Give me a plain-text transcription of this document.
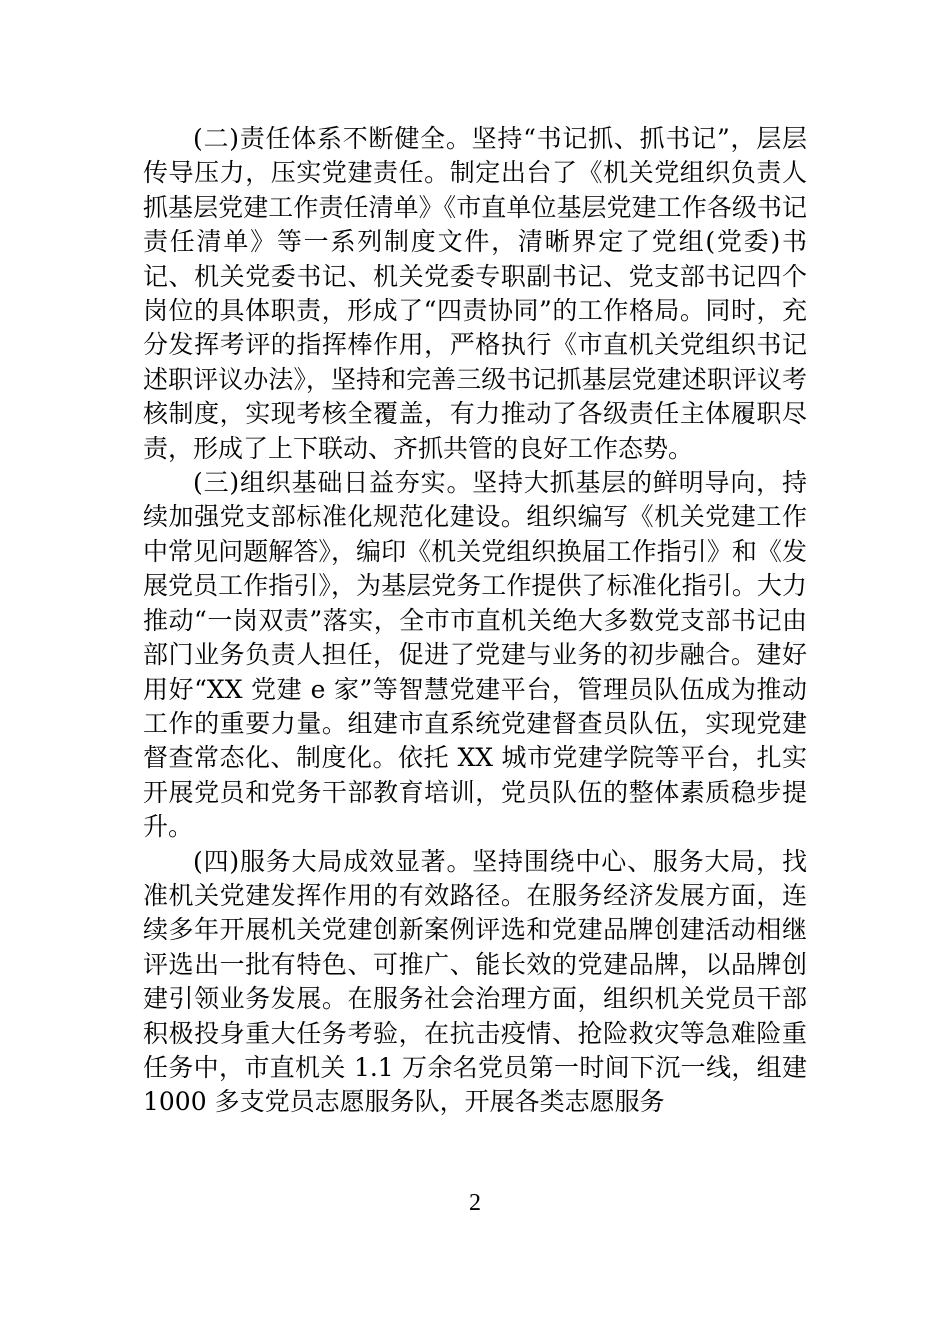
(二)责任体系不断健全。坚持“书记抓、抓书记”，层层传导压力，压实党建责任。制定出台了《机关党组织负责人抓基层党建工作责任清单》《市直单位基层党建工作各级书记责任清单》等一系列制度文件，清晰界定了党组(党委)书记、机关党委书记、机关党委专职副书记、党支部书记四个岗位的具体职责，形成了“四责协同”的工作格局。同时，充分发挥考评的指挥棒作用，严格执行《市直机关党组织书记述职评议办法》，坚持和完善三级书记抓基层党建述职评议考核制度，实现考核全覆盖，有力推动了各级责任主体履职尽责，形成了上下联动、齐抓共管的良好工作态势。

(三)组织基础日益夯实。坚持大抓基层的鲜明导向，持续加强党支部标准化规范化建设。组织编写《机关党建工作中常见问题解答》，编印《机关党组织换届工作指引》和《发展党员工作指引》，为基层党务工作提供了标准化指引。大力推动“一岗双责”落实，全市市直机关绝大多数党支部书记由部门业务负责人担任，促进了党建与业务的初步融合。建好用好“XX 党建 e 家”等智慧党建平台，管理员队伍成为推动工作的重要力量。组建市直系统党建督查员队伍，实现党建督查常态化、制度化。依托 XX 城市党建学院等平台，扎实开展党员和党务干部教育培训，党员队伍的整体素质稳步提升。

(四)服务大局成效显著。坚持围绕中心、服务大局，找准机关党建发挥作用的有效路径。在服务经济发展方面，连续多年开展机关党建创新案例评选和党建品牌创建活动相继评选出一批有特色、可推广、能长效的党建品牌，以品牌创建引领业务发展。在服务社会治理方面，组织机关党员干部积极投身重大任务考验，在抗击疫情、抢险救灾等急难险重任务中，市直机关 1.1 万余名党员第一时间下沉一线，组建 1000 多支党员志愿服务队，开展各类志愿服务

2
